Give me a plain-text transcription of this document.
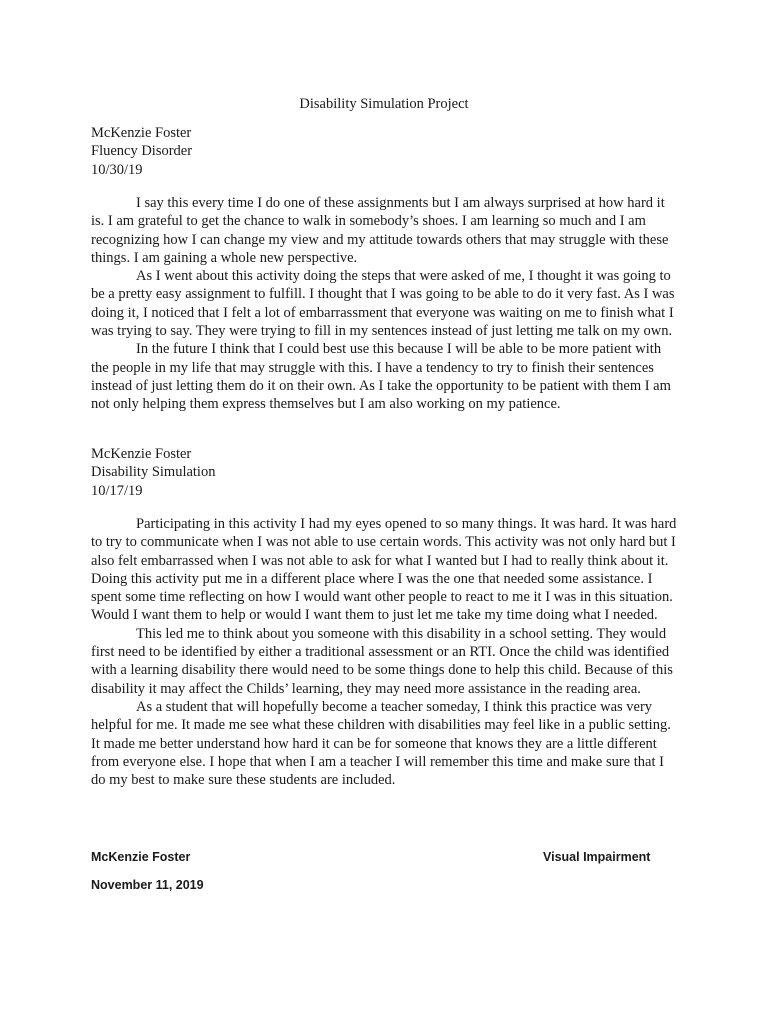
Disability Simulation Project

McKenzie Foster

Fluency Disorder

10/30/19

I say this every time I do one of these assignments but I am always surprised at how hard it is. I am grateful to get the chance to walk in somebody’s shoes. I am learning so much and I am recognizing how I can change my view and my attitude towards others that may struggle with these things. I am gaining a whole new perspective.

As I went about this activity doing the steps that were asked of me, I thought it was going to be a pretty easy assignment to fulfill. I thought that I was going to be able to do it very fast. As I was doing it, I noticed that I felt a lot of embarrassment that everyone was waiting on me to finish what I was trying to say. They were trying to fill in my sentences instead of just letting me talk on my own.

In the future I think that I could best use this because I will be able to be more patient with the people in my life that may struggle with this. I have a tendency to try to finish their sentences instead of just letting them do it on their own. As I take the opportunity to be patient with them I am not only helping them express themselves but I am also working on my patience.

McKenzie Foster

Disability Simulation

10/17/19

Participating in this activity I had my eyes opened to so many things. It was hard. It was hard to try to communicate when I was not able to use certain words. This activity was not only hard but I also felt embarrassed when I was not able to ask for what I wanted but I had to really think about it. Doing this activity put me in a different place where I was the one that needed some assistance. I spent some time reflecting on how I would want other people to react to me it I was in this situation. Would I want them to help or would I want them to just let me take my time doing what I needed.

This led me to think about you someone with this disability in a school setting. They would first need to be identified by either a traditional assessment or an RTI. Once the child was identified with a learning disability there would need to be some things done to help this child. Because of this disability it may affect the Childs’ learning, they may need more assistance in the reading area.

As a student that will hopefully become a teacher someday, I think this practice was very helpful for me. It made me see what these children with disabilities may feel like in a public setting. It made me better understand how hard it can be for someone that knows they are a little different from everyone else. I hope that when I am a teacher I will remember this time and make sure that I do my best to make sure these students are included.

McKenzie Foster	Visual Impairment
November 11, 2019
